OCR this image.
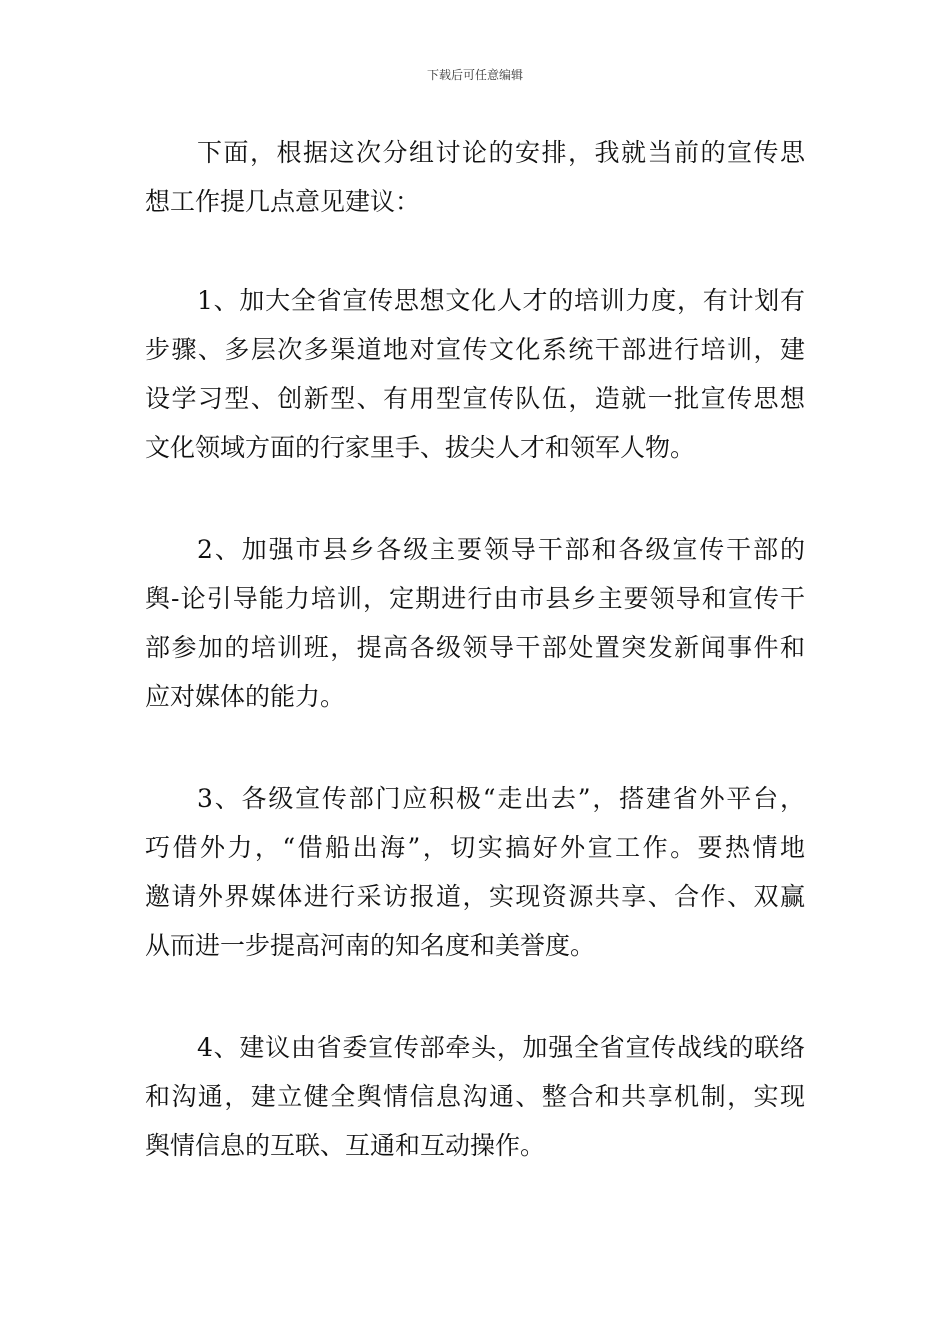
下载后可任意编辑
下面，根据这次分组讨论的安排，我就当前的宣传思
想工作提几点意见建议：
1、加大全省宣传思想文化人才的培训力度，有计划有
步骤、多层次多渠道地对宣传文化系统干部进行培训，建
设学习型、创新型、有用型宣传队伍，造就一批宣传思想
文化领域方面的行家里手、拔尖人才和领军人物。
2、加强市县乡各级主要领导干部和各级宣传干部的
舆-论引导能力培训，定期进行由市县乡主要领导和宣传干
部参加的培训班，提高各级领导干部处置突发新闻事件和
应对媒体的能力。
3、各级宣传部门应积极“走出去”，搭建省外平台，
巧借外力，“借船出海”，切实搞好外宣工作。要热情地
邀请外界媒体进行采访报道，实现资源共享、合作、双赢
从而进一步提高河南的知名度和美誉度。
4、建议由省委宣传部牵头，加强全省宣传战线的联络
和沟通，建立健全舆情信息沟通、整合和共享机制，实现
舆情信息的互联、互通和互动操作。
